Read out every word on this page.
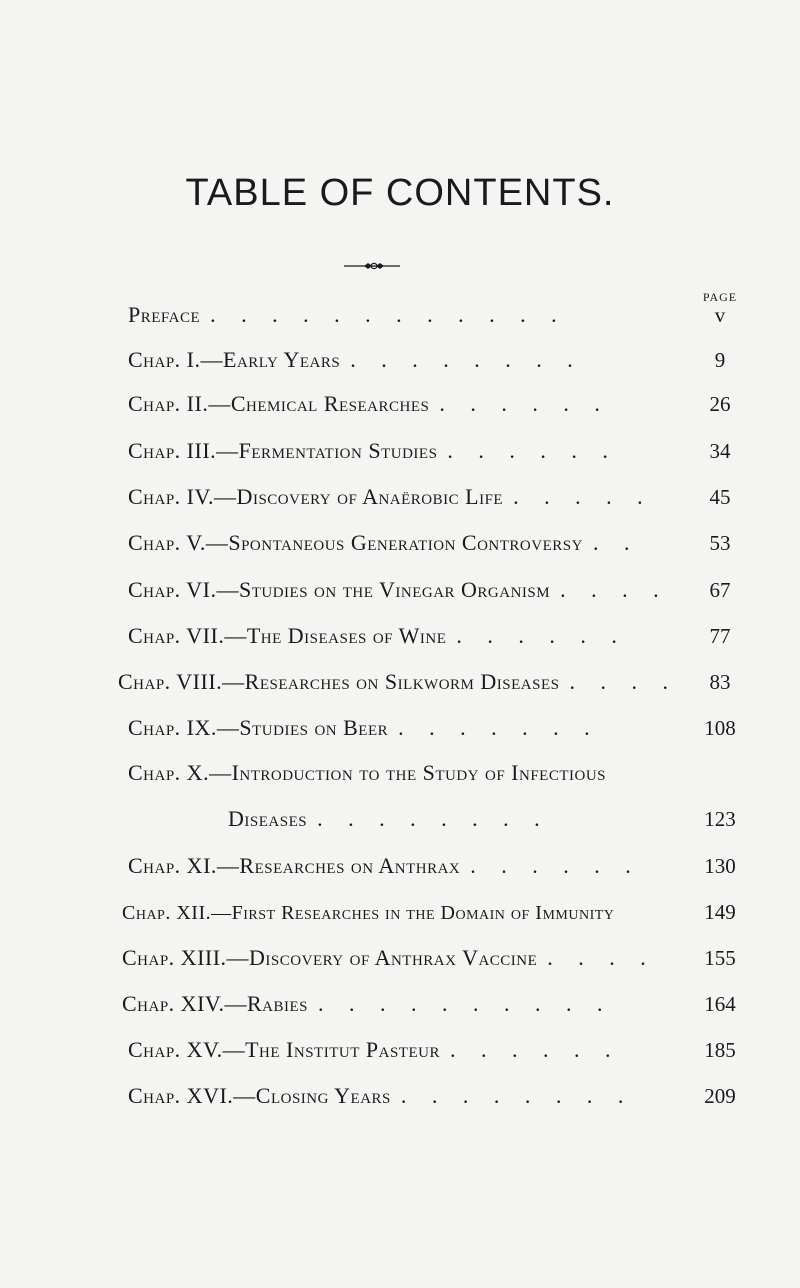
TABLE OF CONTENTS.
PAGE
Preface . . . . . . . . . . . .	v
Chap. I.—Early Years . . . . . . . .	9
Chap. II.—Chemical Researches . . . . . .	26
Chap. III.—Fermentation Studies . . . . . .	34
Chap. IV.—Discovery of Anaërobic Life . . . . .	45
Chap. V.—Spontaneous Generation Controversy . .	53
Chap. VI.—Studies on the Vinegar Organism . . . .	67
Chap. VII.—The Diseases of Wine . . . . . .	77
Chap. VIII.—Researches on Silkworm Diseases . . . .	83
Chap. IX.—Studies on Beer . . . . . . .	108
Chap. X.—Introduction to the Study of Infectious
Diseases . . . . . . . .	123
Chap. XI.—Researches on Anthrax . . . . . .	130
Chap. XII.—First Researches in the Domain of Immunity	149
Chap. XIII.—Discovery of Anthrax Vaccine . . . .	155
Chap. XIV.—Rabies . . . . . . . . . .	164
Chap. XV.—The Institut Pasteur . . . . . .	185
Chap. XVI.—Closing Years . . . . . . . .	209
